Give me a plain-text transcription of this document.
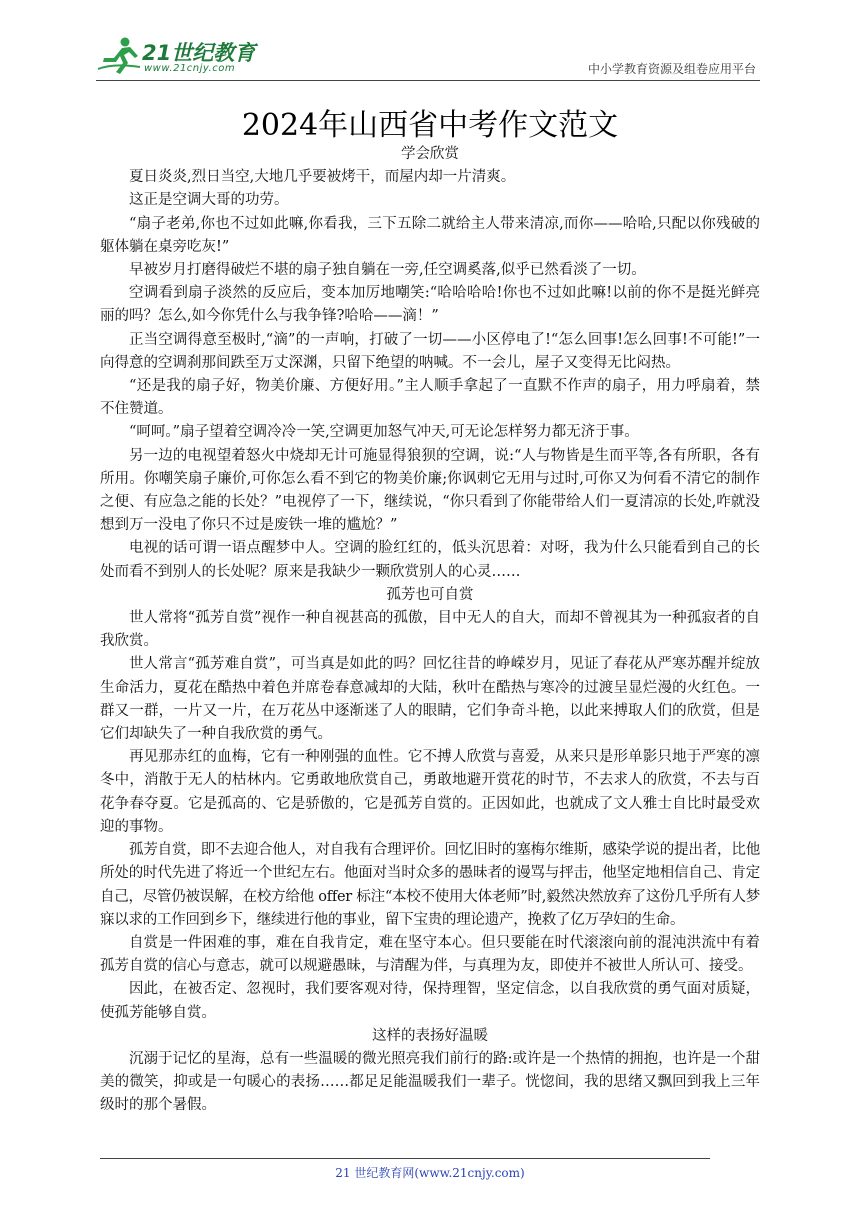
21世纪教育
www.21cnjy.com	中小学教育资源及组卷应用平台
2024年山西省中考作文范文
学会欣赏

夏日炎炎,烈日当空,大地几乎要被烤干，而屋内却一片清爽。

这正是空调大哥的功劳。

“扇子老弟,你也不过如此嘛,你看我，三下五除二就给主人带来清凉,而你——哈哈,只配以你残破的躯体躺在桌旁吃灰!”

早被岁月打磨得破烂不堪的扇子独自躺在一旁,任空调奚落,似乎已然看淡了一切。

空调看到扇子淡然的反应后，变本加厉地嘲笑:“哈哈哈哈!你也不过如此嘛!以前的你不是挺光鲜亮丽的吗？怎么,如今你凭什么与我争锋?哈哈——滴！”

正当空调得意至极时,“滴”的一声响，打破了一切——小区停电了!“怎么回事!怎么回事!不可能!”一向得意的空调刹那间跌至万丈深渊，只留下绝望的呐喊。不一会儿，屋子又变得无比闷热。

“还是我的扇子好，物美价廉、方便好用。”主人顺手拿起了一直默不作声的扇子，用力呼扇着，禁不住赞道。

“呵呵。”扇子望着空调冷冷一笑,空调更加怒气冲天,可无论怎样努力都无济于事。

另一边的电视望着怒火中烧却无计可施显得狼狈的空调，说:“人与物皆是生而平等,各有所职，各有所用。你嘲笑扇子廉价,可你怎么看不到它的物美价廉;你讽刺它无用与过时,可你又为何看不清它的制作之便、有应急之能的长处？”电视停了一下，继续说，“你只看到了你能带给人们一夏清凉的长处,咋就没想到万一没电了你只不过是废铁一堆的尴尬？”

电视的话可谓一语点醒梦中人。空调的脸红红的，低头沉思着：对呀，我为什么只能看到自己的长处而看不到别人的长处呢？原来是我缺少一颗欣赏别人的心灵……

孤芳也可自赏

世人常将“孤芳自赏”视作一种自视甚高的孤傲，目中无人的自大，而却不曾视其为一种孤寂者的自我欣赏。

世人常言“孤芳难自赏”，可当真是如此的吗？回忆往昔的峥嵘岁月，见证了春花从严寒苏醒并绽放生命活力，夏花在酷热中着色并席卷春意减却的大陆，秋叶在酷热与寒冷的过渡呈显烂漫的火红色。一群又一群，一片又一片，在万花丛中逐渐迷了人的眼睛，它们争奇斗艳，以此来搏取人们的欣赏，但是它们却缺失了一种自我欣赏的勇气。

再见那赤红的血梅，它有一种刚强的血性。它不搏人欣赏与喜爱，从来只是形单影只地于严寒的凛冬中，消散于无人的枯林内。它勇敢地欣赏自己，勇敢地避开赏花的时节，不去求人的欣赏，不去与百花争春夺夏。它是孤高的、它是骄傲的，它是孤芳自赏的。正因如此，也就成了文人雅士自比时最受欢迎的事物。

孤芳自赏，即不去迎合他人，对自我有合理评价。回忆旧时的塞梅尔维斯，感染学说的提出者，比他所处的时代先进了将近一个世纪左右。他面对当时众多的愚昧者的谩骂与抨击，他坚定地相信自己、肯定自己，尽管仍被误解，在校方给他 offer 标注“本校不使用大体老师”时,毅然决然放弃了这份几乎所有人梦寐以求的工作回到乡下，继续进行他的事业，留下宝贵的理论遗产，挽救了亿万孕妇的生命。

自赏是一件困难的事，难在自我肯定，难在坚守本心。但只要能在时代滚滚向前的混沌洪流中有着孤芳自赏的信心与意志，就可以规避愚昧，与清醒为伴，与真理为友，即使并不被世人所认可、接受。

因此，在被否定、忽视时，我们要客观对待，保持理智，坚定信念，以自我欣赏的勇气面对质疑，使孤芳能够自赏。

这样的表扬好温暖

沉溺于记忆的星海，总有一些温暖的微光照亮我们前行的路:或许是一个热情的拥抱，也许是一个甜美的微笑，抑或是一句暖心的表扬……都足足能温暖我们一辈子。恍惚间，我的思绪又飘回到我上三年级时的那个暑假。

21 世纪教育网(www.21cnjy.com)
